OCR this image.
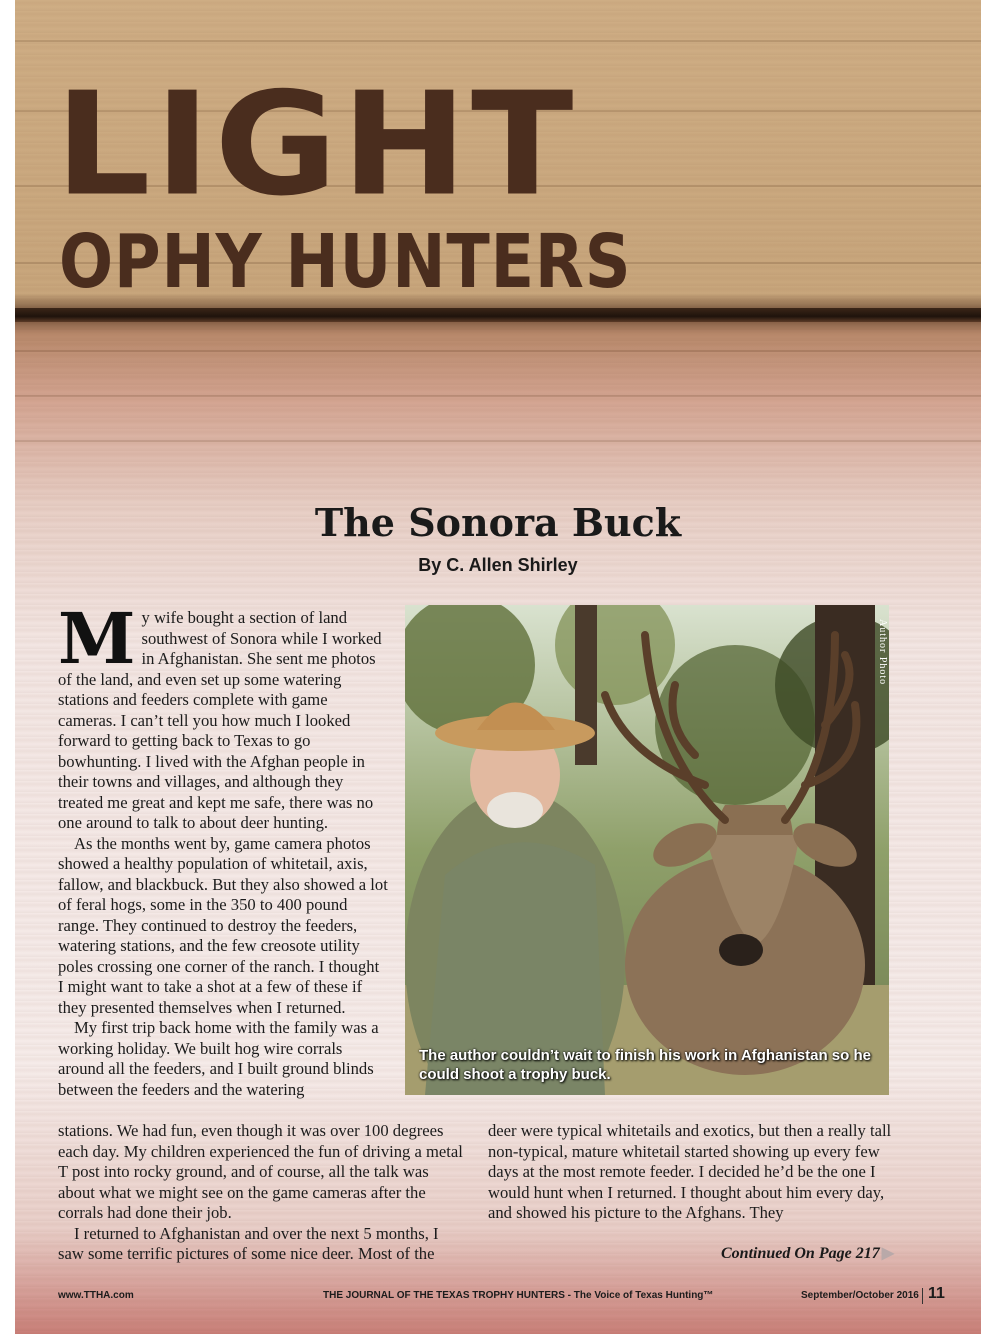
LIGHT
OPHY HUNTERS
The Sonora Buck
By C. Allen Shirley

My wife bought a section of land southwest of Sonora while I worked in Afghanistan. She sent me photos of the land, and even set up some watering stations and feeders complete with game cameras. I can’t tell you how much I looked forward to getting back to Texas to go bowhunting. I lived with the Afghan people in their towns and villages, and although they treated me great and kept me safe, there was no one around to talk to about deer hunting.

As the months went by, game camera photos showed a healthy population of whitetail, axis, fallow, and blackbuck. But they also showed a lot of feral hogs, some in the 350 to 400 pound range. They continued to destroy the feeders, watering stations, and the few creosote utility poles crossing one corner of the ranch. I thought I might want to take a shot at a few of these if they presented themselves when I returned.

My first trip back home with the family was a working holiday. We built hog wire corrals around all the feeders, and I built ground blinds between the feeders and the watering

stations. We had fun, even though it was over 100 degrees each day. My children experienced the fun of driving a metal T post into rocky ground, and of course, all the talk was about what we might see on the game cameras after the corrals had done their job.

I returned to Afghanistan and over the next 5 months, I saw some terrific pictures of some nice deer. Most of the

deer were typical whitetails and exotics, but then a really tall non-typical, mature whitetail started showing up every few days at the most remote feeder. I decided he’d be the one I would hunt when I returned. I thought about him every day, and showed his picture to the Afghans. They

Author Photo
The author couldn’t wait to finish his work in Afghanistan so he could shoot a trophy buck.
Continued On Page 217 ▶
www.TTHA.com	THE JOURNAL OF THE TEXAS TROPHY HUNTERS - The Voice of Texas Hunting™	September/October 2016 11
